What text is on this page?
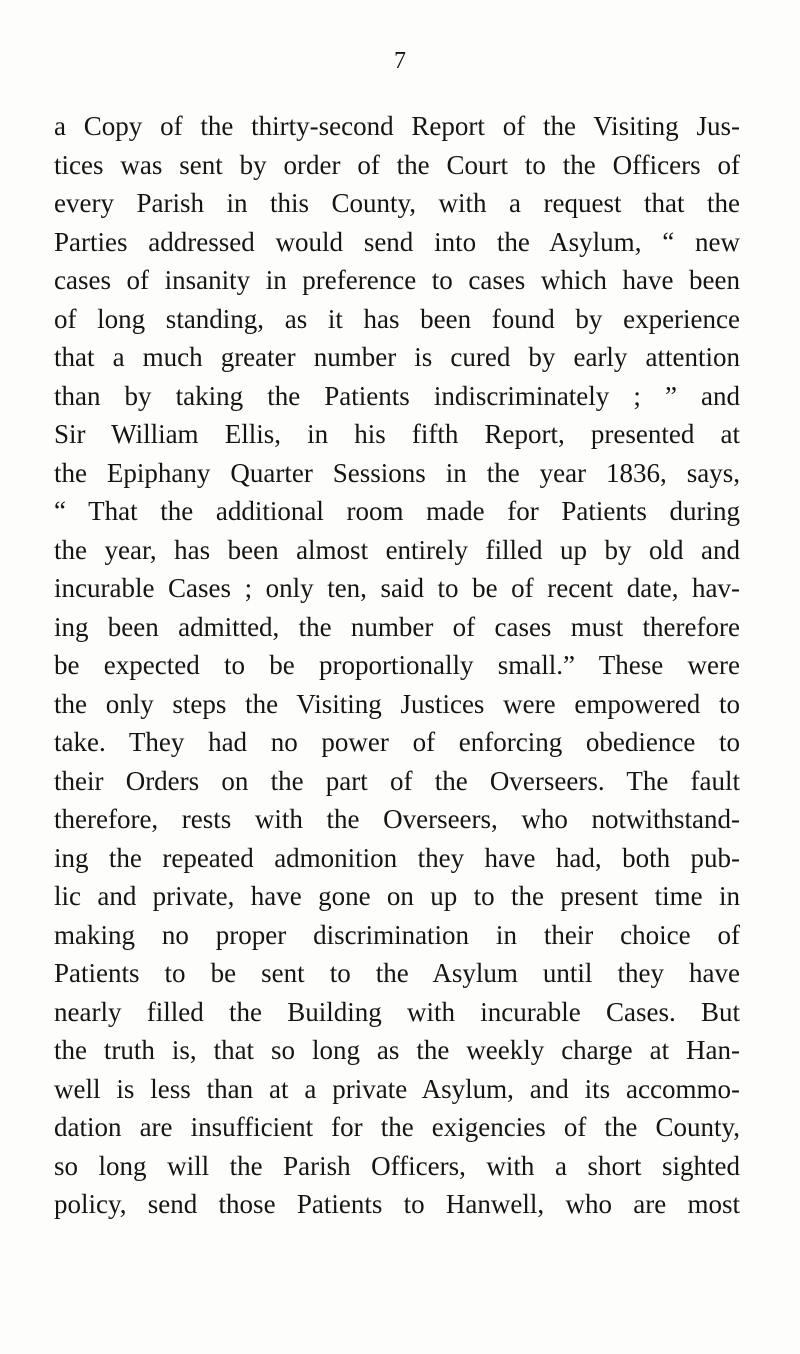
7
a Copy of the thirty-second Report of the Visiting Jus-
tices was sent by order of the Court to the Officers of
every Parish in this County, with a request that the
Parties addressed would send into the Asylum, “ new
cases of insanity in preference to cases which have been
of long standing, as it has been found by experience
that a much greater number is cured by early attention
than by taking the Patients indiscriminately ; ” and
Sir William Ellis, in his fifth Report, presented at
the Epiphany Quarter Sessions in the year 1836, says,
“ That the additional room made for Patients during
the year, has been almost entirely filled up by old and
incurable Cases ; only ten, said to be of recent date, hav-
ing been admitted, the number of cases must therefore
be expected to be proportionally small.” These were
the only steps the Visiting Justices were empowered to
take. They had no power of enforcing obedience to
their Orders on the part of the Overseers. The fault
therefore, rests with the Overseers, who notwithstand-
ing the repeated admonition they have had, both pub-
lic and private, have gone on up to the present time in
making no proper discrimination in their choice of
Patients to be sent to the Asylum until they have
nearly filled the Building with incurable Cases. But
the truth is, that so long as the weekly charge at Han-
well is less than at a private Asylum, and its accommo-
dation are insufficient for the exigencies of the County,
so long will the Parish Officers, with a short sighted
policy, send those Patients to Hanwell, who are most
